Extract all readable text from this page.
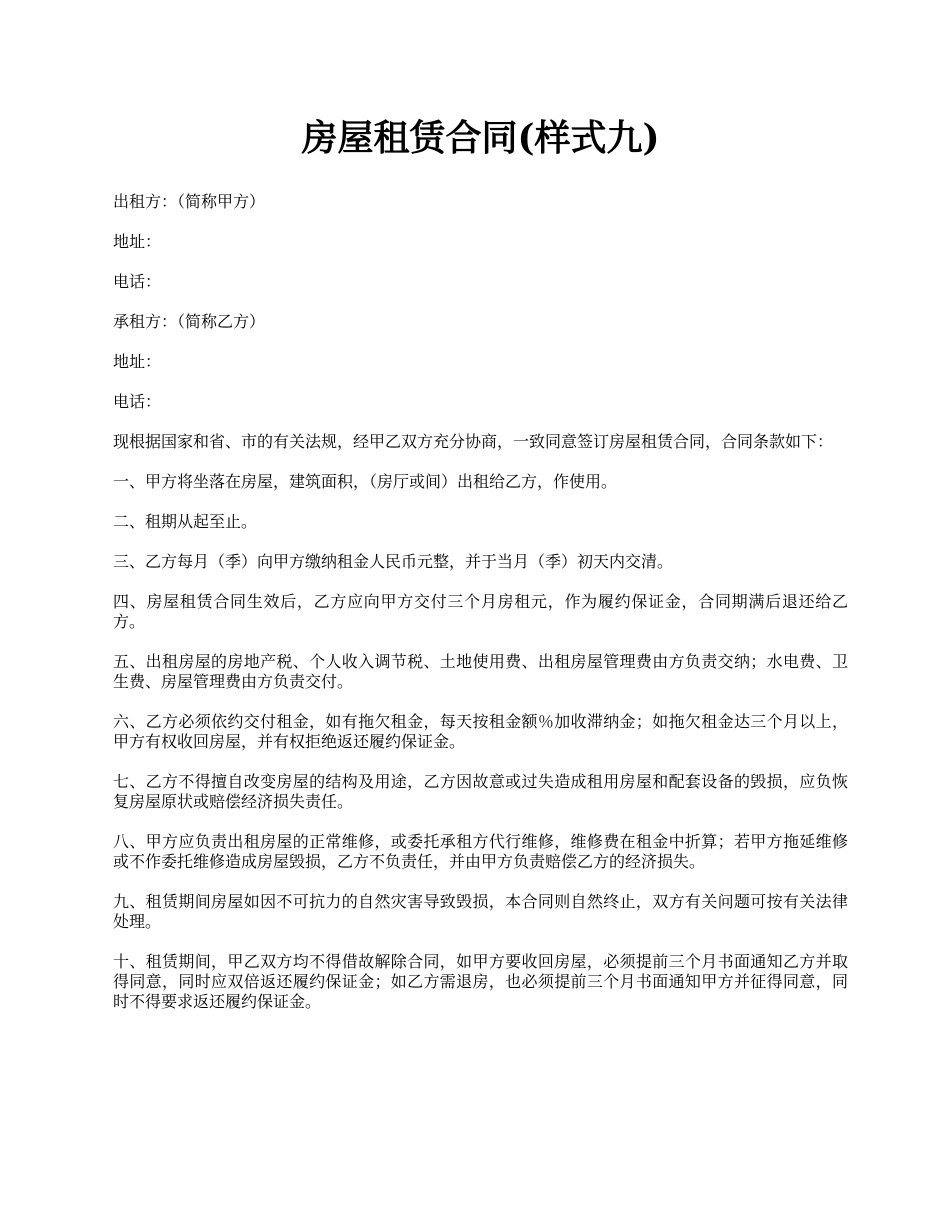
房屋租赁合同(样式九)

出租方：（简称甲方）

地址：

电话：

承租方：（简称乙方）

地址：

电话：

现根据国家和省、市的有关法规，经甲乙双方充分协商，一致同意签订房屋租赁合同，合同条款如下：

一、甲方将坐落在房屋，建筑面积，（房厅或间）出租给乙方，作使用。

二、租期从起至止。

三、乙方每月（季）向甲方缴纳租金人民币元整，并于当月（季）初天内交清。

四、房屋租赁合同生效后，乙方应向甲方交付三个月房租元，作为履约保证金，合同期满后退还给乙方。

五、出租房屋的房地产税、个人收入调节税、土地使用费、出租房屋管理费由方负责交纳；水电费、卫生费、房屋管理费由方负责交付。

六、乙方必须依约交付租金，如有拖欠租金，每天按租金额％加收滞纳金；如拖欠租金达三个月以上，甲方有权收回房屋，并有权拒绝返还履约保证金。

七、乙方不得擅自改变房屋的结构及用途，乙方因故意或过失造成租用房屋和配套设备的毁损，应负恢复房屋原状或赔偿经济损失责任。

八、甲方应负责出租房屋的正常维修，或委托承租方代行维修，维修费在租金中折算；若甲方拖延维修或不作委托维修造成房屋毁损，乙方不负责任，并由甲方负责赔偿乙方的经济损失。

九、租赁期间房屋如因不可抗力的自然灾害导致毁损，本合同则自然终止，双方有关问题可按有关法律处理。

十、租赁期间，甲乙双方均不得借故解除合同，如甲方要收回房屋，必须提前三个月书面通知乙方并取得同意，同时应双倍返还履约保证金；如乙方需退房，也必须提前三个月书面通知甲方并征得同意，同时不得要求返还履约保证金。
